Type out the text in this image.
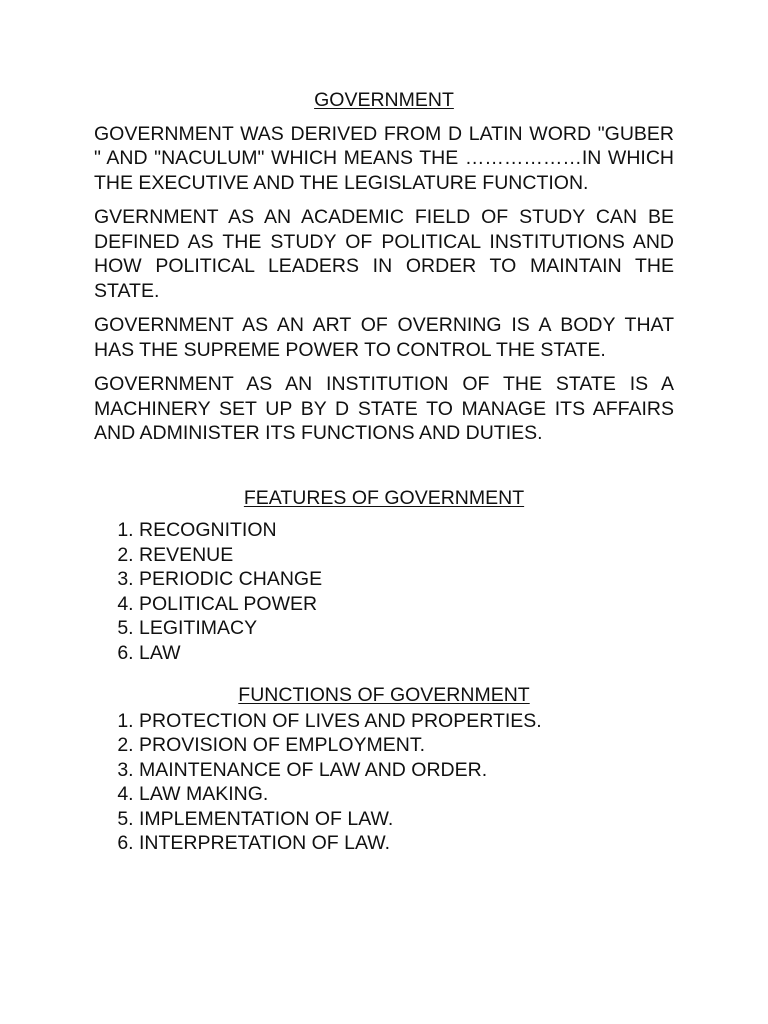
GOVERNMENT

GOVERNMENT WAS DERIVED FROM D LATIN WORD "GUBER " AND "NACULUM" WHICH MEANS THE ………………IN WHICH THE EXECUTIVE AND THE LEGISLATURE FUNCTION.

GVERNMENT AS AN ACADEMIC FIELD OF STUDY CAN BE DEFINED AS THE STUDY OF POLITICAL INSTITUTIONS AND HOW POLITICAL LEADERS IN ORDER TO MAINTAIN THE STATE.

GOVERNMENT AS AN ART OF OVERNING IS A BODY THAT HAS THE SUPREME POWER TO CONTROL THE STATE.

GOVERNMENT AS AN INSTITUTION OF THE STATE IS A MACHINERY SET UP BY D STATE TO MANAGE ITS AFFAIRS AND ADMINISTER ITS FUNCTIONS AND DUTIES.

FEATURES OF GOVERNMENT
1. RECOGNITION
2. REVENUE
3. PERIODIC CHANGE
4. POLITICAL POWER
5. LEGITIMACY
6. LAW
FUNCTIONS OF GOVERNMENT
1. PROTECTION OF LIVES AND PROPERTIES.
2. PROVISION OF EMPLOYMENT.
3. MAINTENANCE OF LAW AND ORDER.
4. LAW MAKING.
5. IMPLEMENTATION OF LAW.
6. INTERPRETATION OF LAW.
